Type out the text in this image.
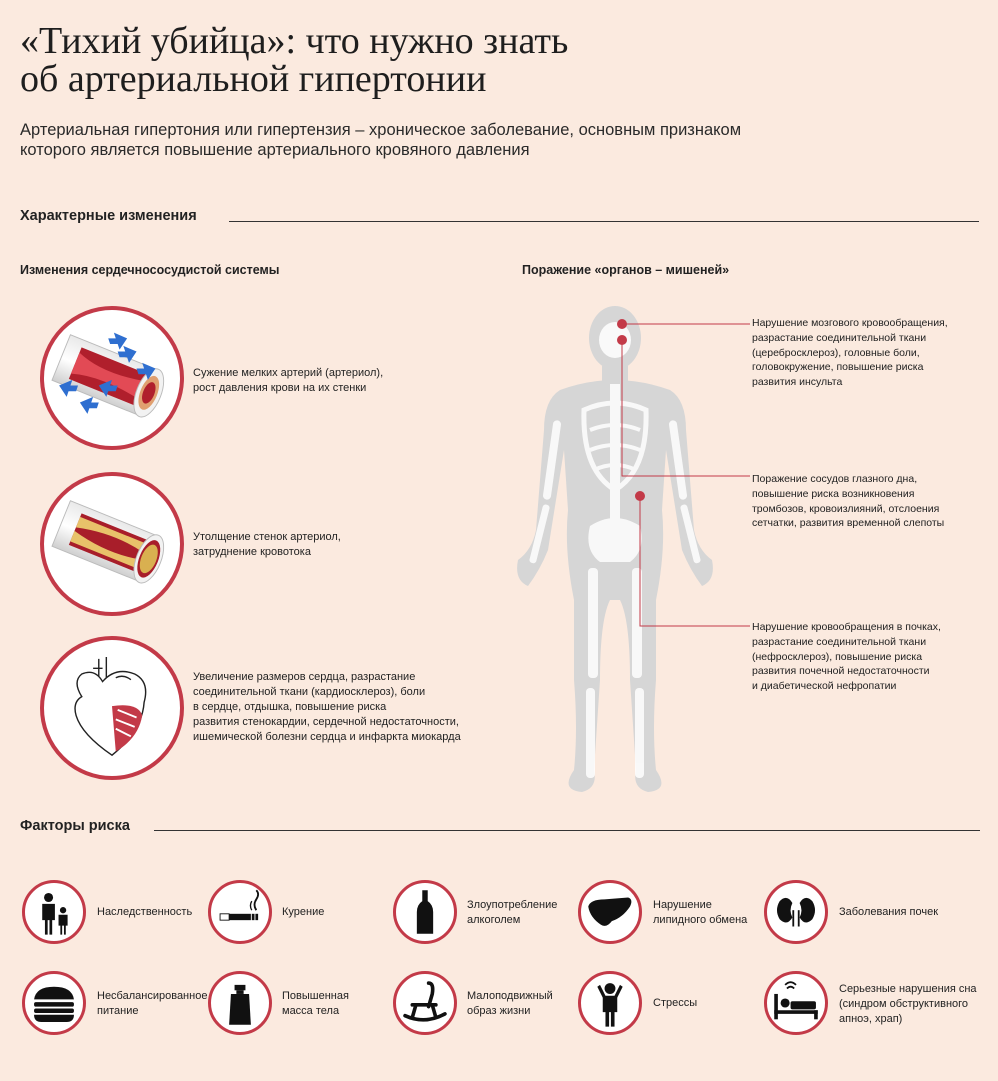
«Тихий убийца»: что нужно знать
об артериальной гипертонии
Артериальная гипертония или гипертензия – хроническое заболевание, основным признаком
которого является повышение артериального кровяного давления
Характерные изменения
Изменения сердечнососудистой системы	Поражение «органов – мишеней»
Сужение мелких артерий (артериол),
рост давления крови на их стенки
Утолщение стенок артериол,
затруднение кровотока
Увеличение размеров сердца, разрастание
соединительной ткани (кардиосклероз), боли
в сердце, отдышка, повышение риска
развития стенокардии, сердечной недостаточности,
ишемической болезни сердца и инфаркта миокарда
Нарушение мозгового кровообращения,
разрастание соединительной ткани
(церебросклероз), головные боли,
головокружение, повышение риска
развития инсульта
Поражение сосудов глазного дна,
повышение риска возникновения
тромбозов, кровоизлияний, отслоения
сетчатки, развития временной слепоты
Нарушение кровообращения в почках,
разрастание соединительной ткани
(нефросклероз), повышение риска
развития почечной недостаточности
и диабетической нефропатии
Факторы риска
Наследственность	Курение
Злоупотребление
алкоголем
Нарушение
липидного обмена
Заболевания почек
Несбалансированное
питание
Повышенная
масса тела
Малоподвижный
образ жизни
Стрессы
Серьезные нарушения сна
(синдром обструктивного
апноэ, храп)
